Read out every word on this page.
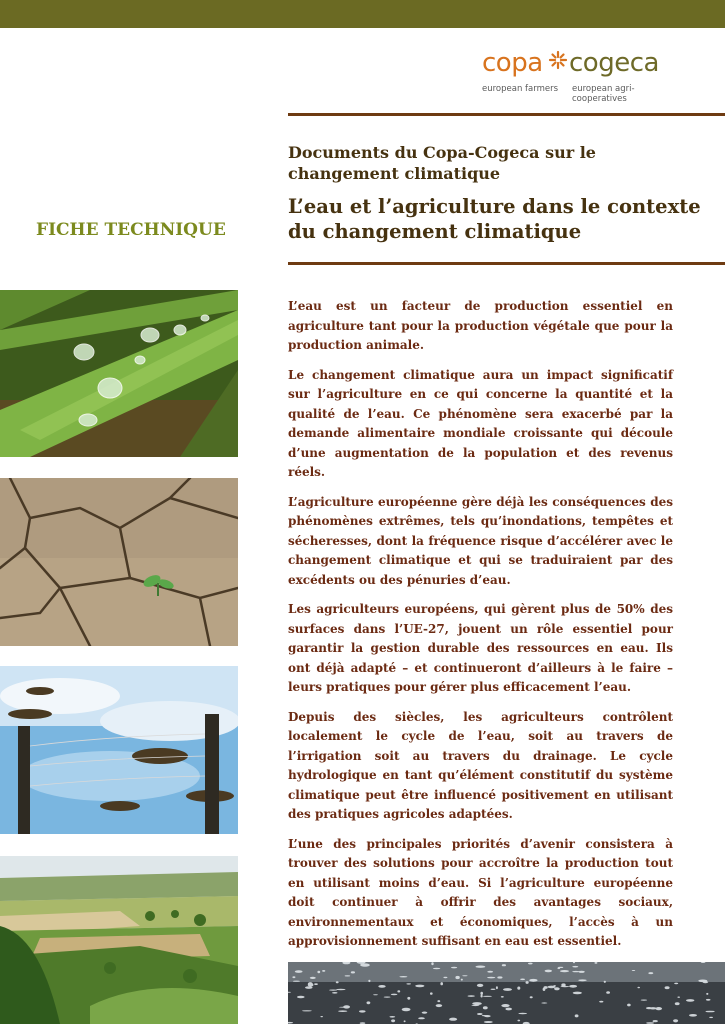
copa cogeca
european farmers european agri-cooperatives
Documents du Copa-Cogeca sur le changement climatique
L’eau et l’agriculture dans le contexte du changement climatique
FICHE TECHNIQUE

L’eau est un facteur de production essentiel en agriculture tant pour la production végétale que pour la production animale.

Le changement climatique aura un impact significatif sur l’agriculture en ce qui concerne la quantité et la qualité de l’eau. Ce phénomène sera exacerbé par la demande alimentaire mondiale croissante qui découle d’une augmentation de la population et des revenus réels.

L’agriculture européenne gère déjà les conséquences des phénomènes extrêmes, tels qu’inondations, tempêtes et sécheresses, dont la fréquence risque d’accélérer avec le changement climatique et qui se traduiraient par des excédents ou des pénuries d’eau.

Les agriculteurs européens, qui gèrent plus de 50% des surfaces dans l’UE-27, jouent un rôle essentiel pour garantir la gestion durable des ressources en eau. Ils ont déjà adapté – et continueront d’ailleurs à le faire – leurs pratiques pour gérer plus efficacement l’eau.

Depuis des siècles, les agriculteurs contrôlent localement le cycle de l’eau, soit au travers de l’irrigation soit au travers du drainage. Le cycle hydrologique en tant qu’élément constitutif du système climatique peut être influencé positivement en utilisant des pratiques agricoles adaptées.

L’une des principales priorités d’avenir consistera à trouver des solutions pour accroître la production tout en utilisant moins d’eau. Si l’agriculture européenne doit continuer à offrir des avantages sociaux, environnementaux et économiques, l’accès à un approvisionnement suffisant en eau est essentiel.
